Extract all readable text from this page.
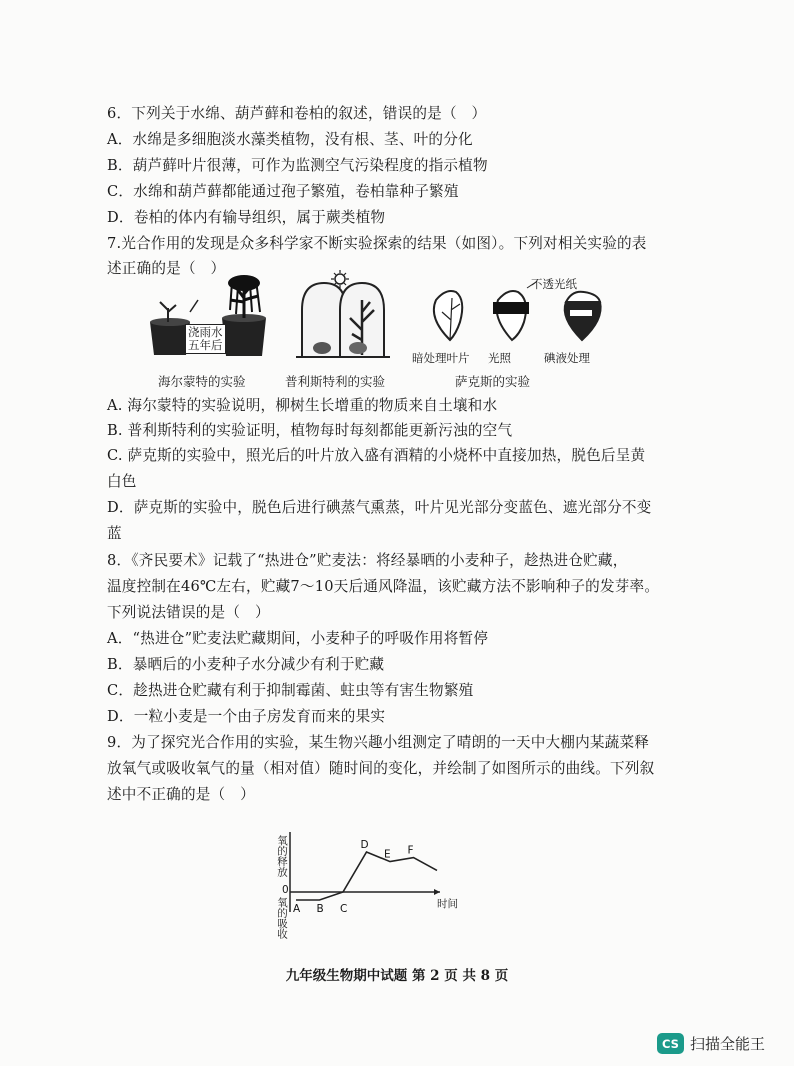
6．下列关于水绵、葫芦藓和卷柏的叙述，错误的是（　）
A．水绵是多细胞淡水藻类植物，没有根、茎、叶的分化
B．葫芦藓叶片很薄，可作为监测空气污染程度的指示植物
C．水绵和葫芦藓都能通过孢子繁殖，卷柏靠种子繁殖
D．卷柏的体内有输导组织，属于蕨类植物
7.光合作用的发现是众多科学家不断实验探索的结果（如图）。下列对相关实验的表
述正确的是（　）
A B C
D
E F
浇雨水
五年后
不透光纸
暗处理叶片 光照	碘液处理
海尔蒙特的实验	普利斯特利的实验	萨克斯的实验
A. 海尔蒙特的实验说明，柳树生长增重的物质来自土壤和水
B. 普利斯特利的实验证明，植物每时每刻都能更新污浊的空气
C. 萨克斯的实验中，照光后的叶片放入盛有酒精的小烧杯中直接加热，脱色后呈黄
白色
D．萨克斯的实验中，脱色后进行碘蒸气熏蒸，叶片见光部分变蓝色、遮光部分不变
蓝
8．《齐民要术》记载了“热进仓”贮麦法：将经暴晒的小麦种子，趁热进仓贮藏，
温度控制在46℃左右，贮藏7～10天后通风降温，该贮藏方法不影响种子的发芽率。
下列说法错误的是（　）
A．“热进仓”贮麦法贮藏期间，小麦种子的呼吸作用将暂停
B．暴晒后的小麦种子水分减少有利于贮藏
C．趁热进仓贮藏有利于抑制霉菌、蛀虫等有害生物繁殖
D．一粒小麦是一个由子房发育而来的果实
9．为了探究光合作用的实验，某生物兴趣小组测定了晴朗的一天中大棚内某蔬菜释
放氧气或吸收氧气的量（相对值）随时间的变化，并绘制了如图所示的曲线。下列叙
述中不正确的是（　）
氧的释放
氧的吸收
0
时间
九年级生物期中试题 第 2 页 共 8 页
CS 扫描全能王
